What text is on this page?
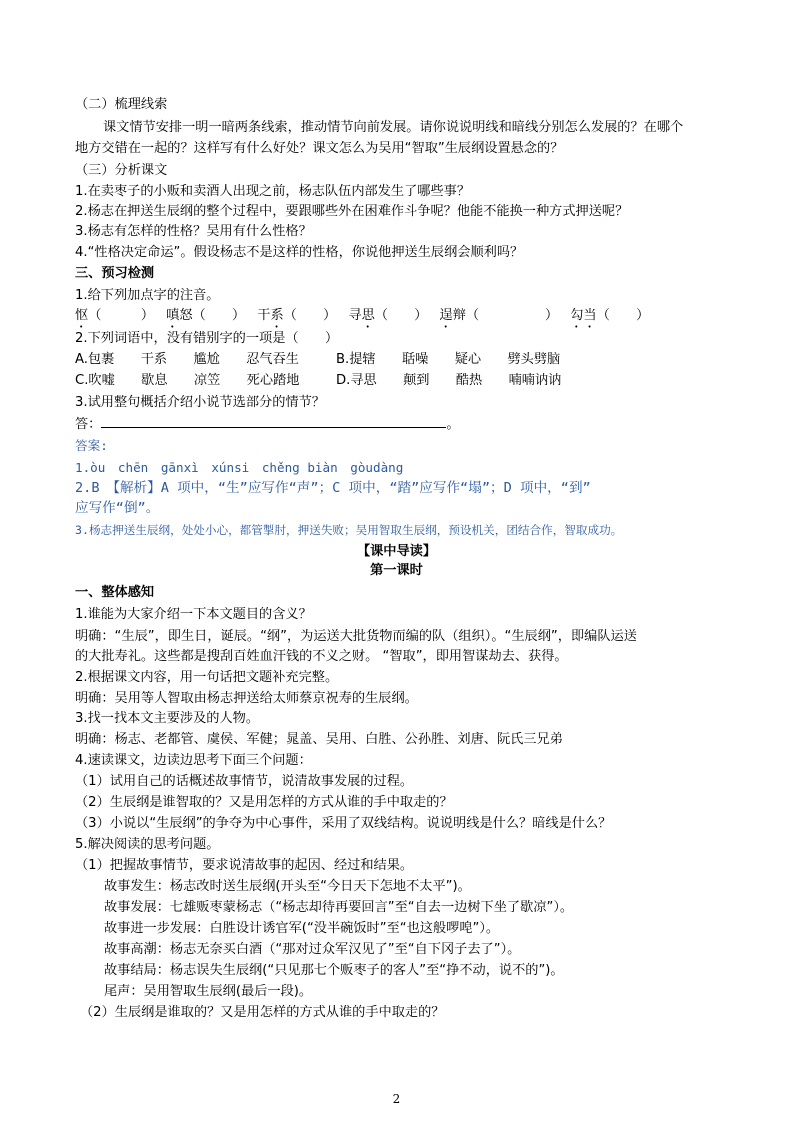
（二）梳理线索
课文情节安排一明一暗两条线索，推动情节向前发展。请你说说明线和暗线分别怎么发展的？在哪个
地方交错在一起的？这样写有什么好处？课文怎么为吴用“智取”生辰纲设置悬念的？
（三）分析课文
1.在卖枣子的小贩和卖酒人出现之前，杨志队伍内部发生了哪些事？
2.杨志在押送生辰纲的整个过程中，要跟哪些外在困难作斗争呢？他能不能换一种方式押送呢？
3.杨志有怎样的性格？吴用有什么性格？
4.“性格决定命运”。假设杨志不是这样的性格，你说他押送生辰纲会顺利吗？
三、预习检测
1.给下列加点字的注音。
怄（　　　） 嗔怒（　　） 干系（　　） 寻思（　　） 逞辩（　　　　　） 勾当（　　）
2.下列词语中，没有错别字的一项是（　　）
A.包裹　　干系　　尴尬　　忍气吞生	B.提辖　　聒噪　　疑心　　劈头劈脑
C.吹嘘　　歇息　　凉笠　　死心踏地	D.寻思　　颠到　　酷热　　喃喃讷讷
3.试用整句概括介绍小说节选部分的情节？
答：	。
答案:
1.òu　chēn　gānxì　xúnsi　chěng biàn　gòudàng
2.B　【解析】A 项中，“生”应写作“声”；C 项中，“踏”应写作“塌”；D 项中，“到”
应写作“倒”。
3.杨志押送生辰纲，处处小心，都管掣肘，押送失败；吴用智取生辰纲，预设机关，团结合作，智取成功。
【课中导读】
第一课时
一、整体感知
1.谁能为大家介绍一下本文题目的含义？
明确：“生辰”，即生日，诞辰。“纲”，为运送大批货物而编的队（组织）。“生辰纲”，即编队运送
的大批寿礼。这些都是搜刮百姓血汗钱的不义之财。 “智取”，即用智谋劫去、获得。
2.根据课文内容，用一句话把文题补充完整。
明确：吴用等人智取由杨志押送给太师蔡京祝寿的生辰纲。
3.找一找本文主要涉及的人物。
明确：杨志、老都管、虞侯、军健；晁盖、吴用、白胜、公孙胜、刘唐、阮氏三兄弟
4.速读课文，边读边思考下面三个问题：
（1）试用自己的话概述故事情节，说清故事发展的过程。
（2）生辰纲是谁智取的？又是用怎样的方式从谁的手中取走的？
（3）小说以“生辰纲”的争夺为中心事件，采用了双线结构。说说明线是什么？暗线是什么？
5.解决阅读的思考问题。
（1）把握故事情节，要求说清故事的起因、经过和结果。
故事发生：杨志改时送生辰纲(开头至“今日天下怎地不太平”)。
故事发展：七雄贩枣蒙杨志（“杨志却待再要回言”至“自去一边树下坐了歇凉”）。
故事进一步发展：白胜设计诱官军(“没半碗饭时”至“也这般啰唣”）。
故事高潮：杨志无奈买白酒（“那对过众军汉见了”至“自下冈子去了”）。
故事结局：杨志误失生辰纲(“只见那七个贩枣子的客人”至“挣不动，说不的”)。
尾声：吴用智取生辰纲(最后一段)。
（2）生辰纲是谁取的？又是用怎样的方式从谁的手中取走的？
2
